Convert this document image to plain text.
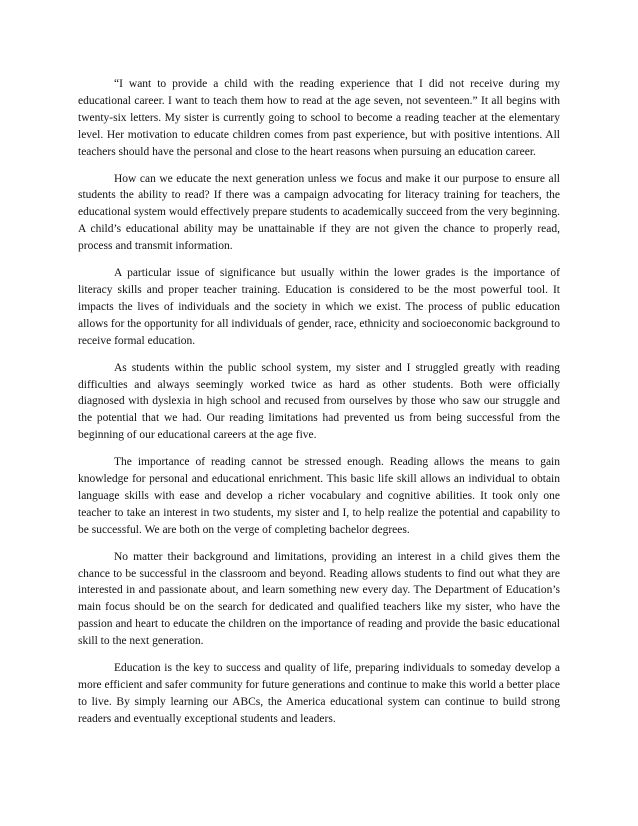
“I want to provide a child with the reading experience that I did not receive during my educational career. I want to teach them how to read at the age seven, not seventeen.” It all begins with twenty-six letters. My sister is currently going to school to become a reading teacher at the elementary level. Her motivation to educate children comes from past experience, but with positive intentions. All teachers should have the personal and close to the heart reasons when pursuing an education career.

How can we educate the next generation unless we focus and make it our purpose to ensure all students the ability to read? If there was a campaign advocating for literacy training for teachers, the educational system would effectively prepare students to academically succeed from the very beginning. A child’s educational ability may be unattainable if they are not given the chance to properly read, process and transmit information.

A particular issue of significance but usually within the lower grades is the importance of literacy skills and proper teacher training. Education is considered to be the most powerful tool. It impacts the lives of individuals and the society in which we exist. The process of public education allows for the opportunity for all individuals of gender, race, ethnicity and socioeconomic background to receive formal education.

As students within the public school system, my sister and I struggled greatly with reading difficulties and always seemingly worked twice as hard as other students. Both were officially diagnosed with dyslexia in high school and recused from ourselves by those who saw our struggle and the potential that we had. Our reading limitations had prevented us from being successful from the beginning of our educational careers at the age five.

The importance of reading cannot be stressed enough. Reading allows the means to gain knowledge for personal and educational enrichment. This basic life skill allows an individual to obtain language skills with ease and develop a richer vocabulary and cognitive abilities. It took only one teacher to take an interest in two students, my sister and I, to help realize the potential and capability to be successful. We are both on the verge of completing bachelor degrees.

No matter their background and limitations, providing an interest in a child gives them the chance to be successful in the classroom and beyond. Reading allows students to find out what they are interested in and passionate about, and learn something new every day. The Department of Education’s main focus should be on the search for dedicated and qualified teachers like my sister, who have the passion and heart to educate the children on the importance of reading and provide the basic educational skill to the next generation.

Education is the key to success and quality of life, preparing individuals to someday develop a more efficient and safer community for future generations and continue to make this world a better place to live. By simply learning our ABCs, the America educational system can continue to build strong readers and eventually exceptional students and leaders.
